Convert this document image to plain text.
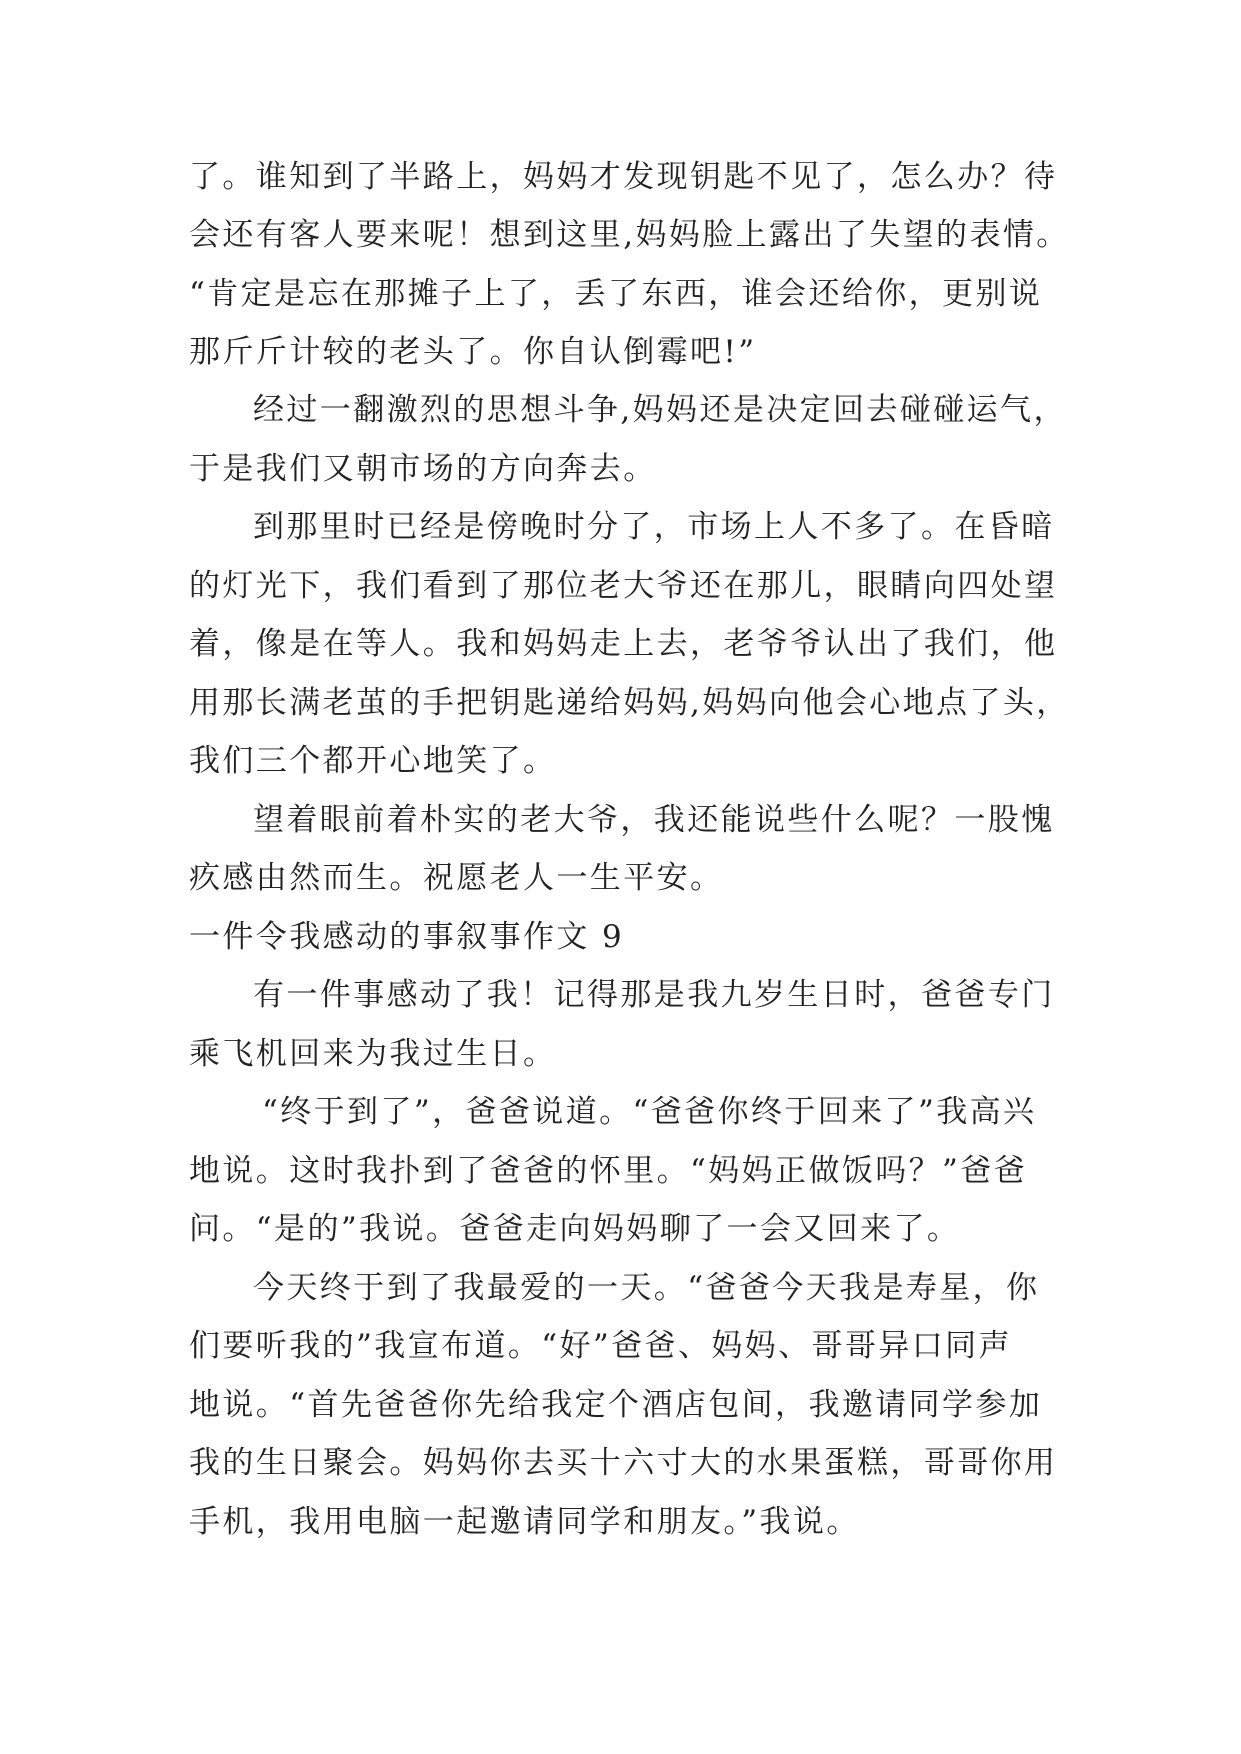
了。谁知到了半路上，妈妈才发现钥匙不见了，怎么办？待
会还有客人要来呢！想到这里,妈妈脸上露出了失望的表情。
“肯定是忘在那摊子上了，丢了东西，谁会还给你，更别说
那斤斤计较的老头了。你自认倒霉吧!”
经过一翻激烈的思想斗争,妈妈还是决定回去碰碰运气，
于是我们又朝市场的方向奔去。
到那里时已经是傍晚时分了，市场上人不多了。在昏暗
的灯光下，我们看到了那位老大爷还在那儿，眼睛向四处望
着，像是在等人。我和妈妈走上去，老爷爷认出了我们，他
用那长满老茧的手把钥匙递给妈妈,妈妈向他会心地点了头，
我们三个都开心地笑了。
望着眼前着朴实的老大爷，我还能说些什么呢？一股愧
疚感由然而生。祝愿老人一生平安。
一件令我感动的事叙事作文 9
有一件事感动了我！记得那是我九岁生日时，爸爸专门
乘飞机回来为我过生日。
“终于到了”，爸爸说道。“爸爸你终于回来了”我高兴
地说。这时我扑到了爸爸的怀里。“妈妈正做饭吗？”爸爸
问。“是的”我说。爸爸走向妈妈聊了一会又回来了。
今天终于到了我最爱的一天。“爸爸今天我是寿星，你
们要听我的”我宣布道。“好”爸爸、妈妈、哥哥异口同声
地说。“首先爸爸你先给我定个酒店包间，我邀请同学参加
我的生日聚会。妈妈你去买十六寸大的水果蛋糕，哥哥你用
手机，我用电脑一起邀请同学和朋友。”我说。
